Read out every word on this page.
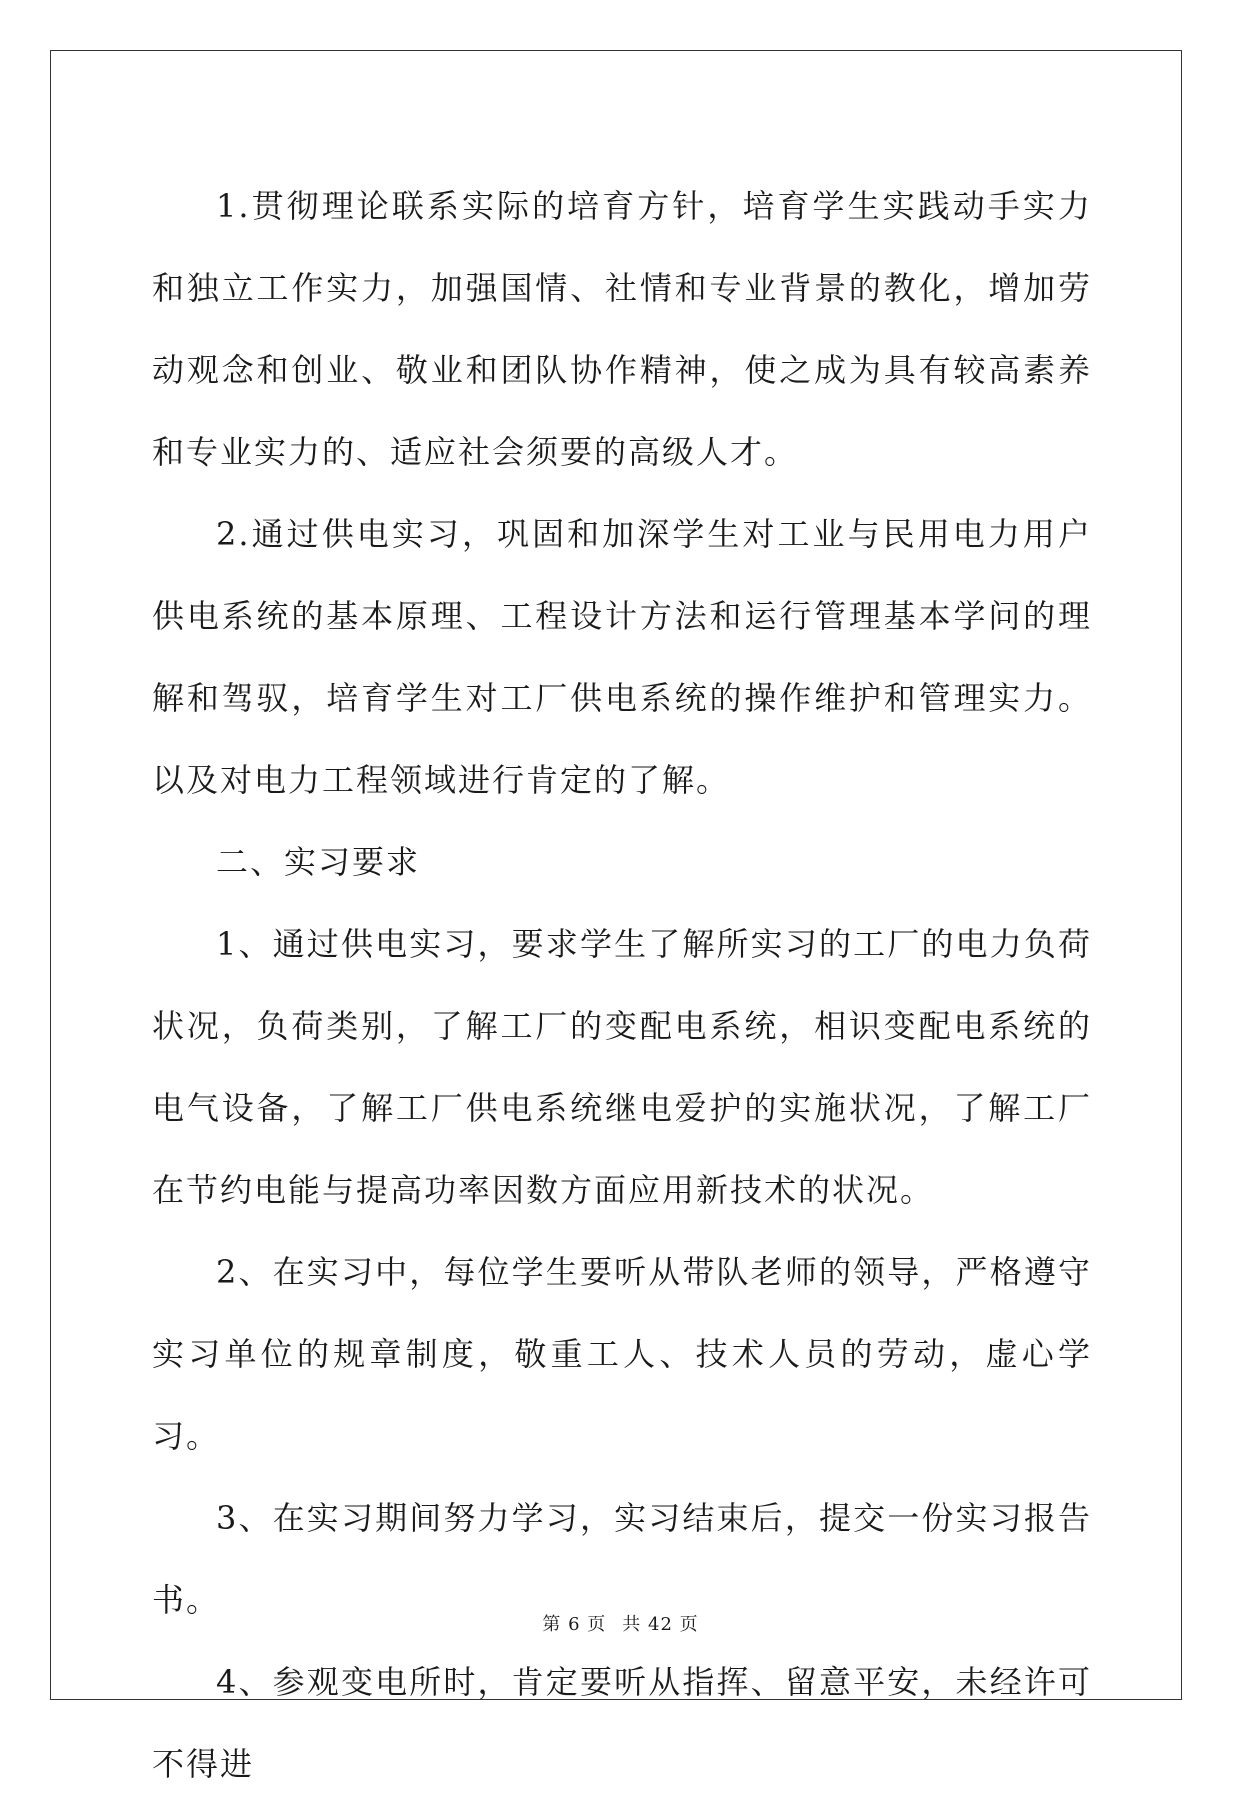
1.贯彻理论联系实际的培育方针，培育学生实践动手实力和独立工作实力，加强国情、社情和专业背景的教化，增加劳动观念和创业、敬业和团队协作精神，使之成为具有较高素养和专业实力的、适应社会须要的高级人才。

2.通过供电实习，巩固和加深学生对工业与民用电力用户供电系统的基本原理、工程设计方法和运行管理基本学问的理解和驾驭，培育学生对工厂供电系统的操作维护和管理实力。以及对电力工程领域进行肯定的了解。

二、实习要求

1、通过供电实习，要求学生了解所实习的工厂的电力负荷状况，负荷类别，了解工厂的变配电系统，相识变配电系统的电气设备，了解工厂供电系统继电爱护的实施状况，了解工厂在节约电能与提高功率因数方面应用新技术的状况。

2、在实习中，每位学生要听从带队老师的领导，严格遵守实习单位的规章制度，敬重工人、技术人员的劳动，虚心学习。

3、在实习期间努力学习，实习结束后，提交一份实习报告书。

4、参观变电所时，肯定要听从指挥、留意平安，未经许可不得进

第 6 页 共 42 页
